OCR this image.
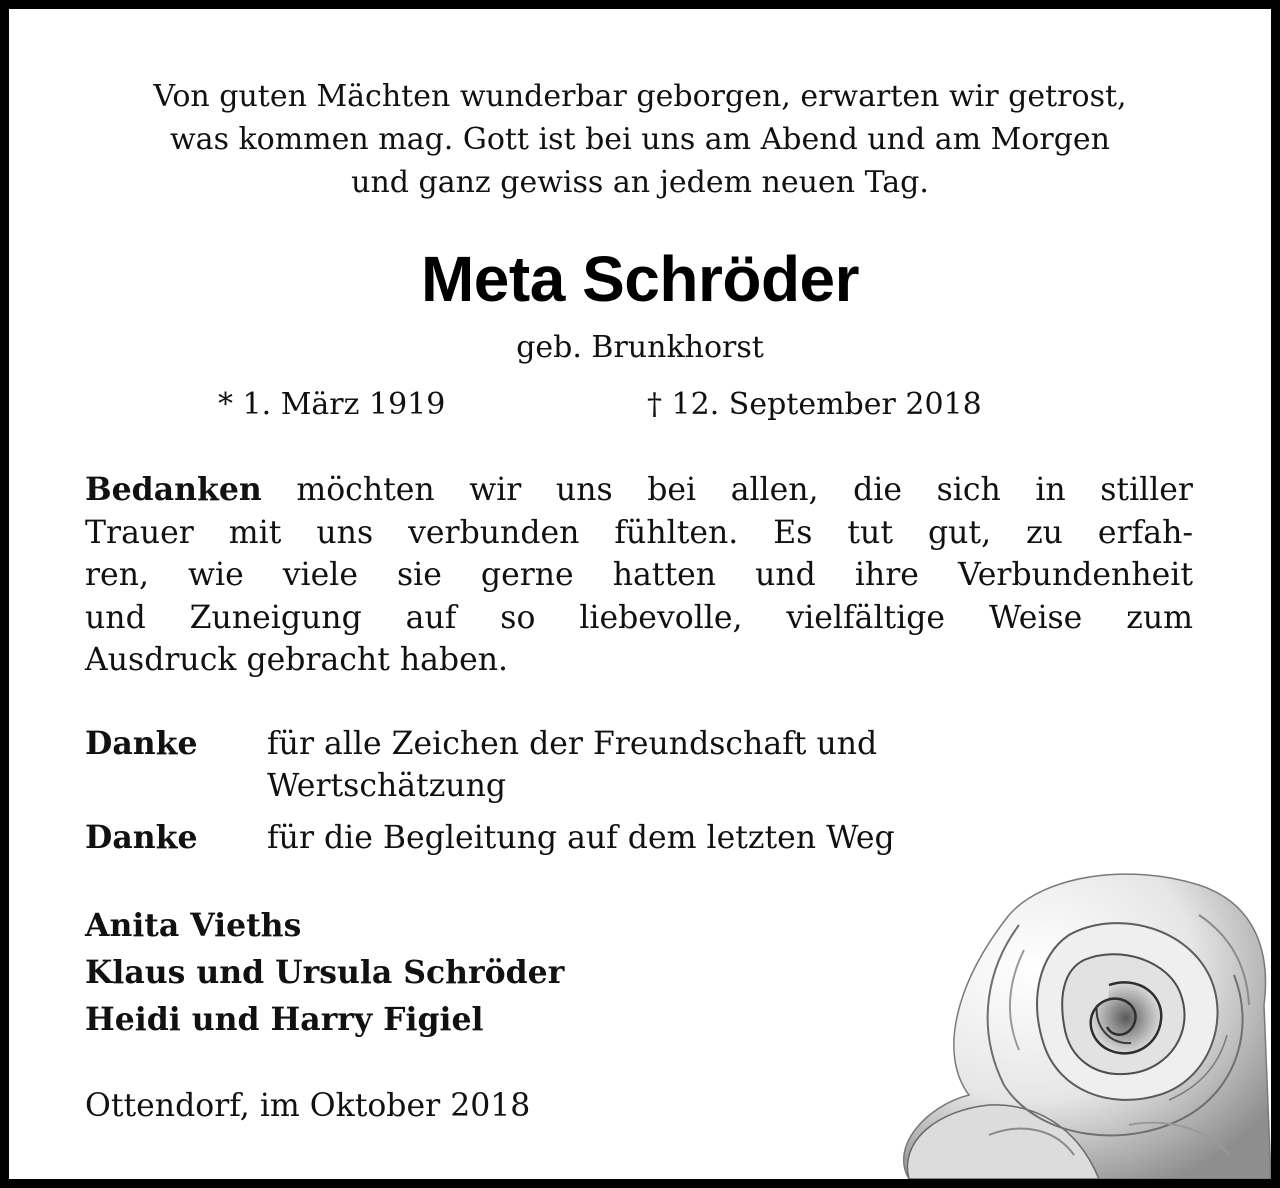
Von guten Mächten wunderbar geborgen, erwarten wir getrost,
was kommen mag. Gott ist bei uns am Abend und am Morgen
und ganz gewiss an jedem neuen Tag.
Meta Schröder
geb. Brunkhorst
* 1. März 1919	† 12. September 2018
Bedanken möchten wir uns bei allen, die sich in stiller
Trauer mit uns verbunden fühlten. Es tut gut, zu erfah-
ren, wie viele sie gerne hatten und ihre Verbundenheit
und Zuneigung auf so liebevolle, vielfältige Weise zum
Ausdruck gebracht haben.
Danke für alle Zeichen der Freundschaft und
Wertschätzung
Danke für die Begleitung auf dem letzten Weg
Anita Vieths
Klaus und Ursula Schröder
Heidi und Harry Figiel
Ottendorf, im Oktober 2018
